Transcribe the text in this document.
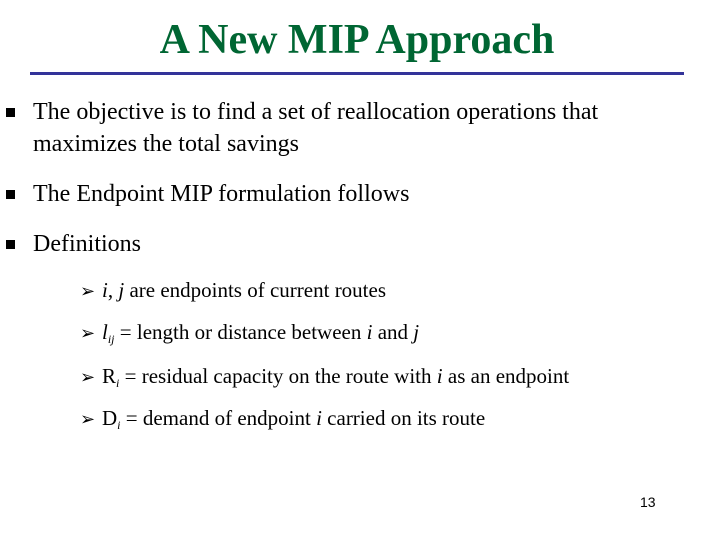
A New MIP Approach
The objective is to find a set of reallocation operations that maximizes the total savings
The Endpoint MIP formulation follows
Definitions
➢ i, j are endpoints of current routes
➢ $l_{ij}$ = length or distance between i and j
➢ $R_i$ = residual capacity on the route with i as an endpoint
➢ $D_i$ = demand of endpoint i carried on its route
13
